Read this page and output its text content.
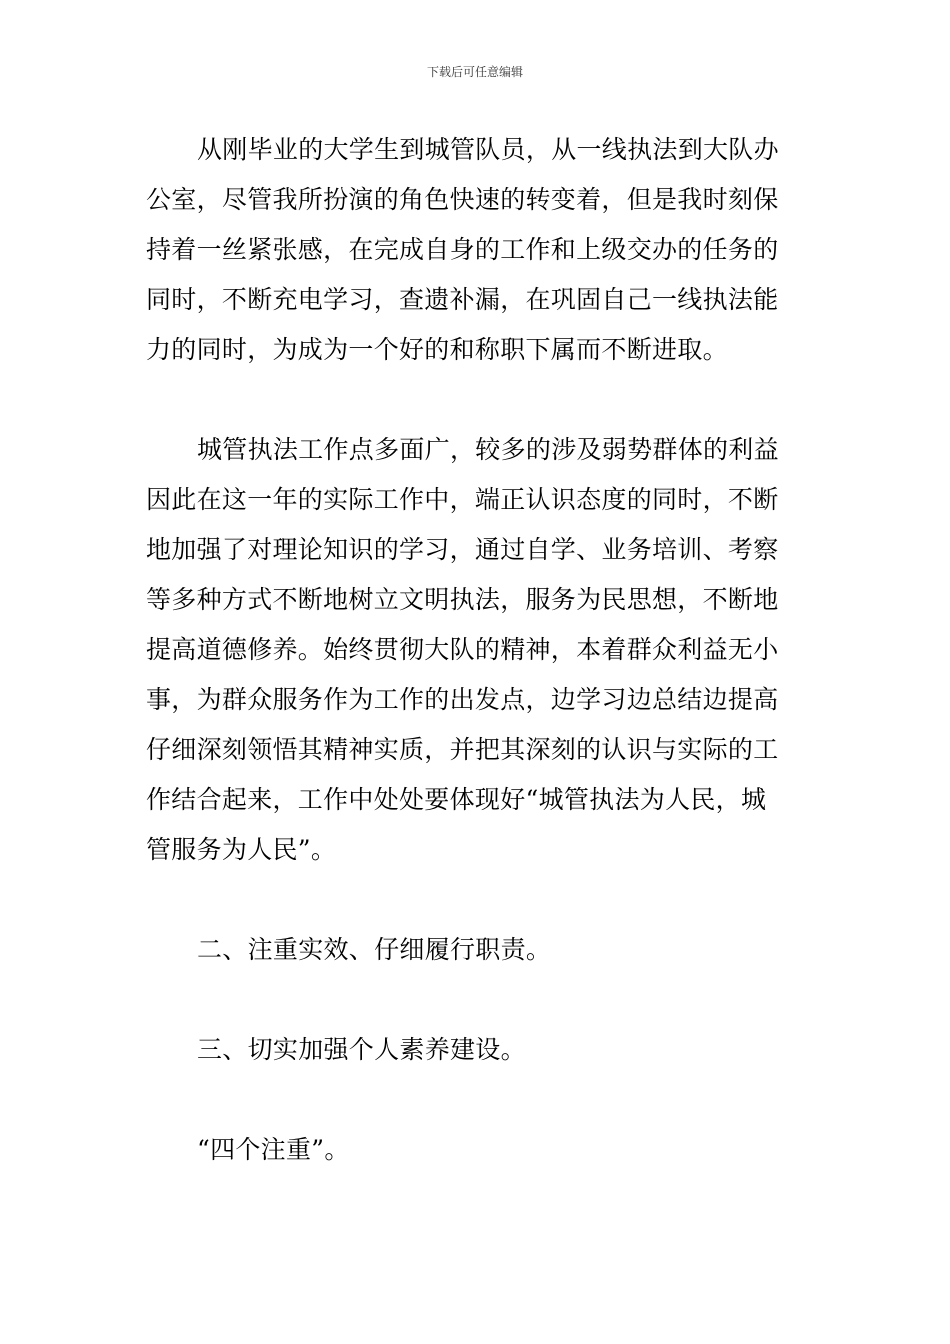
下载后可任意编辑
从刚毕业的大学生到城管队员，从一线执法到大队办
公室，尽管我所扮演的角色快速的转变着，但是我时刻保
持着一丝紧张感，在完成自身的工作和上级交办的任务的
同时，不断充电学习，查遗补漏，在巩固自己一线执法能
力的同时，为成为一个好的和称职下属而不断进取。
城管执法工作点多面广，较多的涉及弱势群体的利益
因此在这一年的实际工作中，端正认识态度的同时，不断
地加强了对理论知识的学习，通过自学、业务培训、考察
等多种方式不断地树立文明执法，服务为民思想，不断地
提高道德修养。始终贯彻大队的精神，本着群众利益无小
事，为群众服务作为工作的出发点，边学习边总结边提高
仔细深刻领悟其精神实质，并把其深刻的认识与实际的工
作结合起来，工作中处处要体现好“城管执法为人民，城
管服务为人民”。
二、注重实效、仔细履行职责。
三、切实加强个人素养建设。
“四个注重”。
